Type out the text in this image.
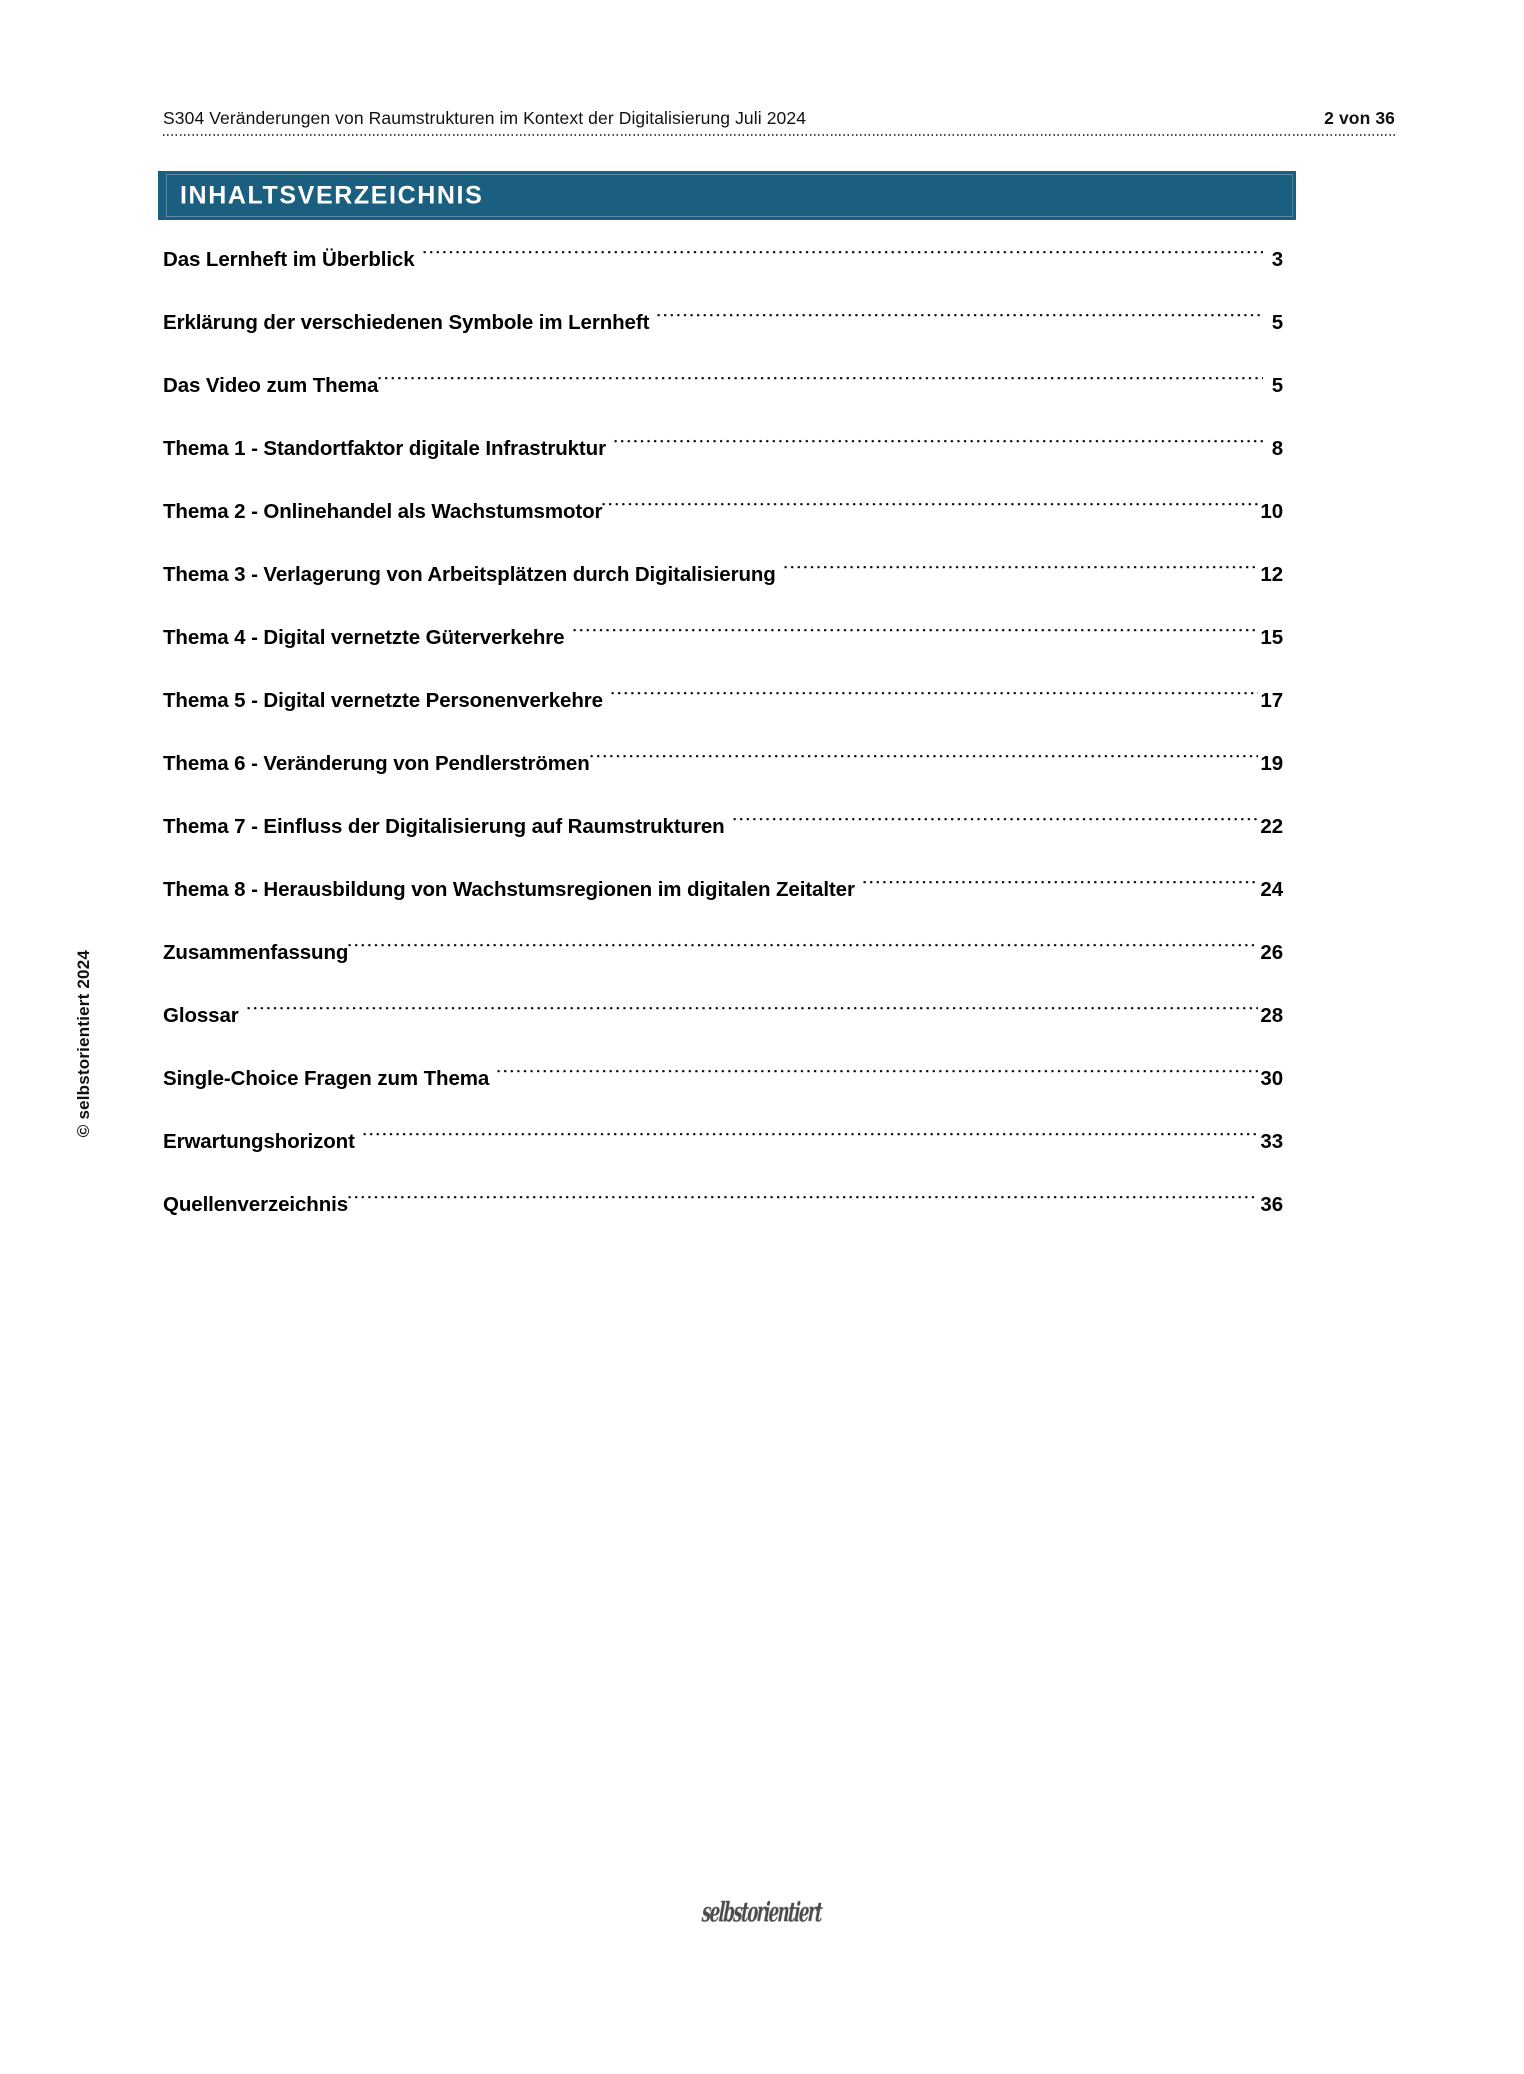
S304 Veränderungen von Raumstrukturen im Kontext der Digitalisierung Juli 2024	2 von 36
INHALTSVERZEICHNIS
Das Lernheft im Überblick	3
Erklärung der verschiedenen Symbole im Lernheft	5
Das Video zum Thema	5
Thema 1 - Standortfaktor digitale Infrastruktur	8
Thema 2 - Onlinehandel als Wachstumsmotor	10
Thema 3 - Verlagerung von Arbeitsplätzen durch Digitalisierung	12
Thema 4 - Digital vernetzte Güterverkehre	15
Thema 5 - Digital vernetzte Personenverkehre	17
Thema 6 - Veränderung von Pendlerströmen	19
Thema 7 - Einfluss der Digitalisierung auf Raumstrukturen	22
Thema 8 - Herausbildung von Wachstumsregionen im digitalen Zeitalter	24
Zusammenfassung	26
Glossar	28
Single-Choice Fragen zum Thema	30
Erwartungshorizont	33
Quellenverzeichnis	36
© selbstorientiert 2024
selbstorientiert
